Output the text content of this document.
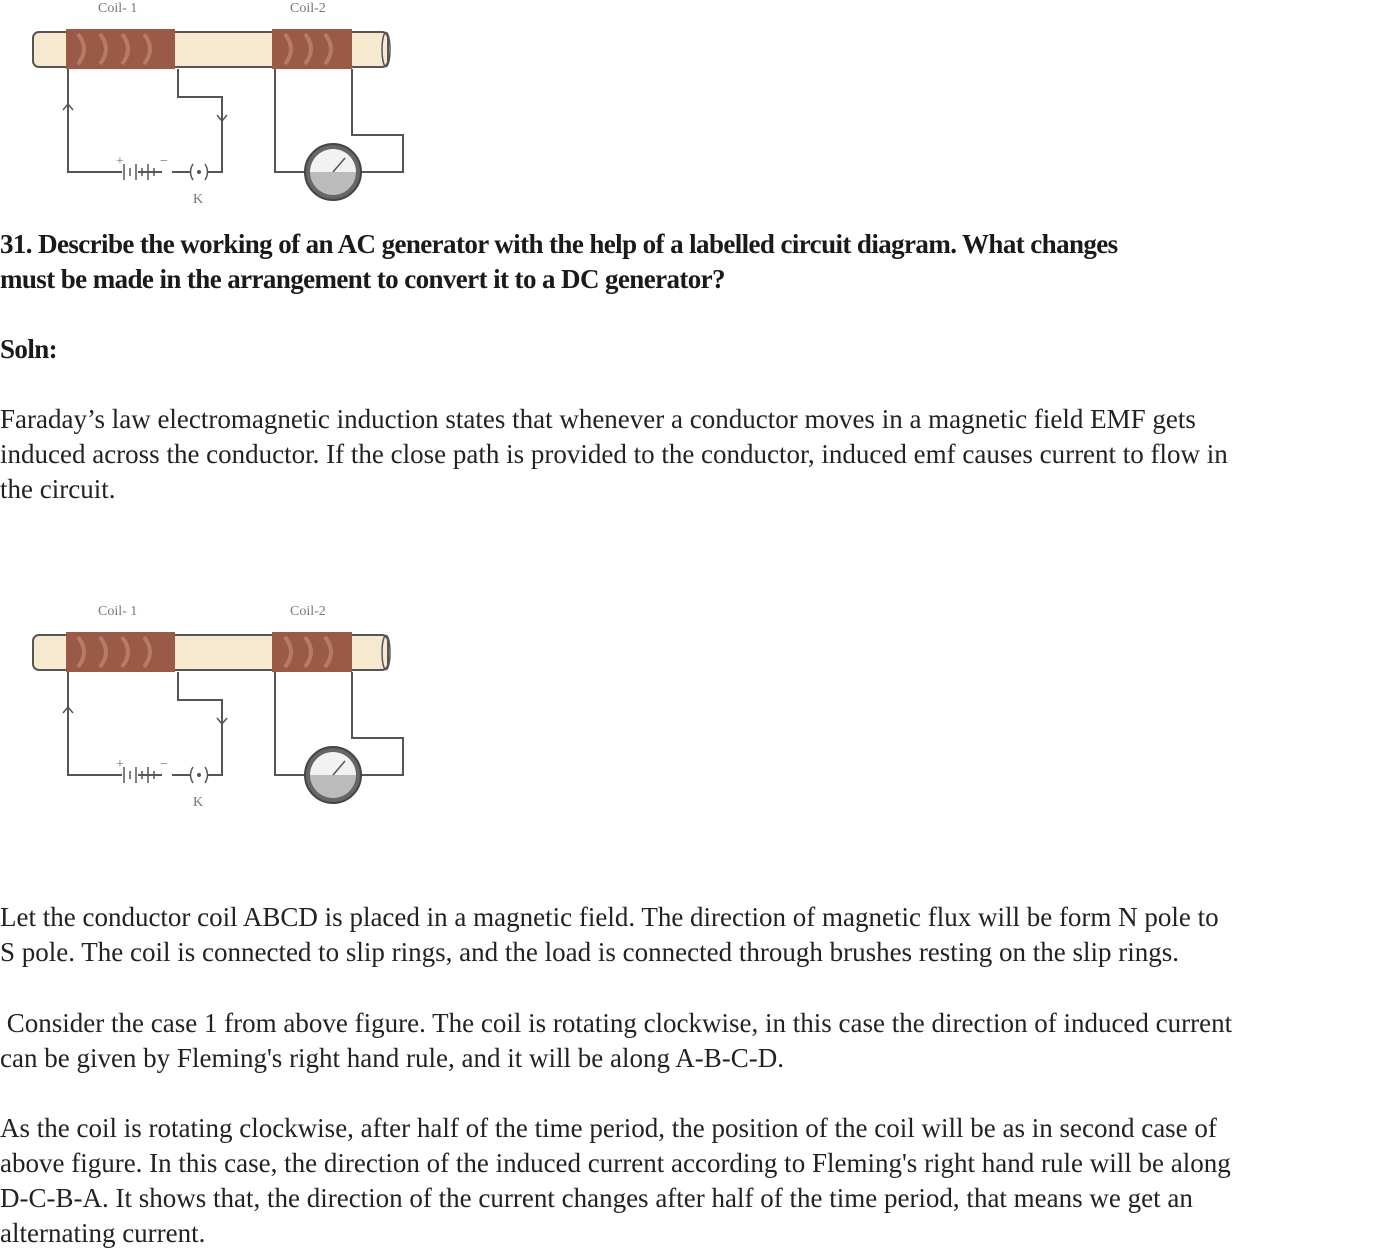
Coil- 1	Coil-2
+	−
K
31. Describe the working of an AC generator with the help of a labelled circuit diagram. What changes
must be made in the arrangement to convert it to a DC generator?
Soln:
Faraday’s law electromagnetic induction states that whenever a conductor moves in a magnetic field EMF gets
induced across the conductor. If the close path is provided to the conductor, induced emf causes current to flow in
the circuit.
Coil- 1	Coil-2
+	−
K
Let the conductor coil ABCD is placed in a magnetic field. The direction of magnetic flux will be form N pole to
S pole. The coil is connected to slip rings, and the load is connected through brushes resting on the slip rings.
Consider the case 1 from above figure. The coil is rotating clockwise, in this case the direction of induced current
can be given by Fleming's right hand rule, and it will be along A-B-C-D.
As the coil is rotating clockwise, after half of the time period, the position of the coil will be as in second case of
above figure. In this case, the direction of the induced current according to Fleming's right hand rule will be along
D-C-B-A. It shows that, the direction of the current changes after half of the time period, that means we get an
alternating current.
